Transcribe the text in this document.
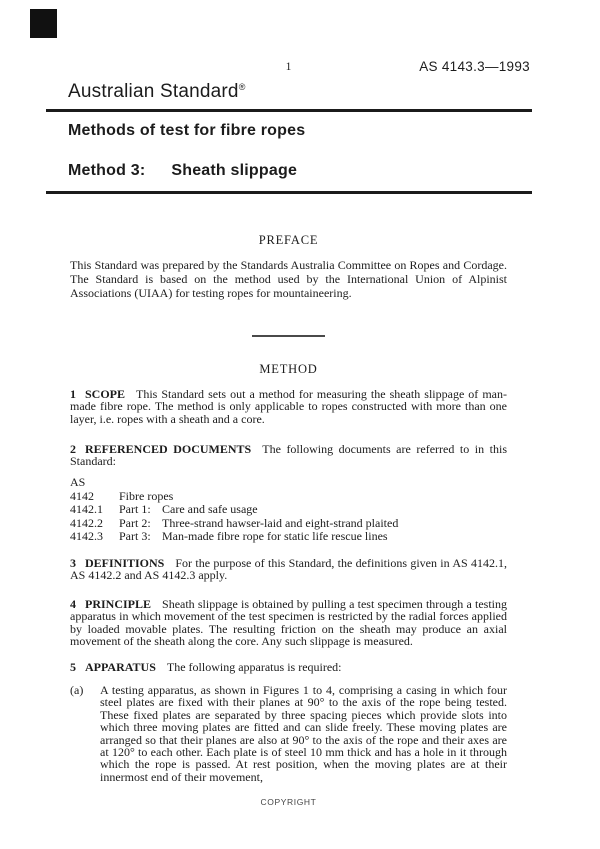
1	AS 4143.3—1993
Australian Standard®
Methods of test for fibre ropes
Method 3: Sheath slippage
PREFACE

This Standard was prepared by the Standards Australia Committee on Ropes and Cordage. The Standard is based on the method used by the International Union of Alpinist Associations (UIAA) for testing ropes for mountaineering.

METHOD

1 SCOPE This Standard sets out a method for measuring the sheath slippage of man-made fibre rope. The method is only applicable to ropes constructed with more than one layer, i.e. ropes with a sheath and a core.

2 REFERENCED DOCUMENTS The following documents are referred to in this Standard:

AS
4142	Fibre ropes
4142.1	Part 1: Care and safe usage
4142.2	Part 2: Three-strand hawser-laid and eight-strand plaited
4142.3	Part 3: Man-made fibre rope for static life rescue lines

3 DEFINITIONS For the purpose of this Standard, the definitions given in AS 4142.1, AS 4142.2 and AS 4142.3 apply.

4 PRINCIPLE Sheath slippage is obtained by pulling a test specimen through a testing apparatus in which movement of the test specimen is restricted by the radial forces applied by loaded movable plates. The resulting friction on the sheath may produce an axial movement of the sheath along the core. Any such slippage is measured.

5 APPARATUS The following apparatus is required:

(a) A testing apparatus, as shown in Figures 1 to 4, comprising a casing in which four steel plates are fixed with their planes at 90° to the axis of the rope being tested. These fixed plates are separated by three spacing pieces which provide slots into which three moving plates are fitted and can slide freely. These moving plates are arranged so that their planes are also at 90° to the axis of the rope and their axes are at 120° to each other. Each plate is of steel 10 mm thick and has a hole in it through which the rope is passed. At rest position, when the moving plates are at their innermost end of their movement,
COPYRIGHT
